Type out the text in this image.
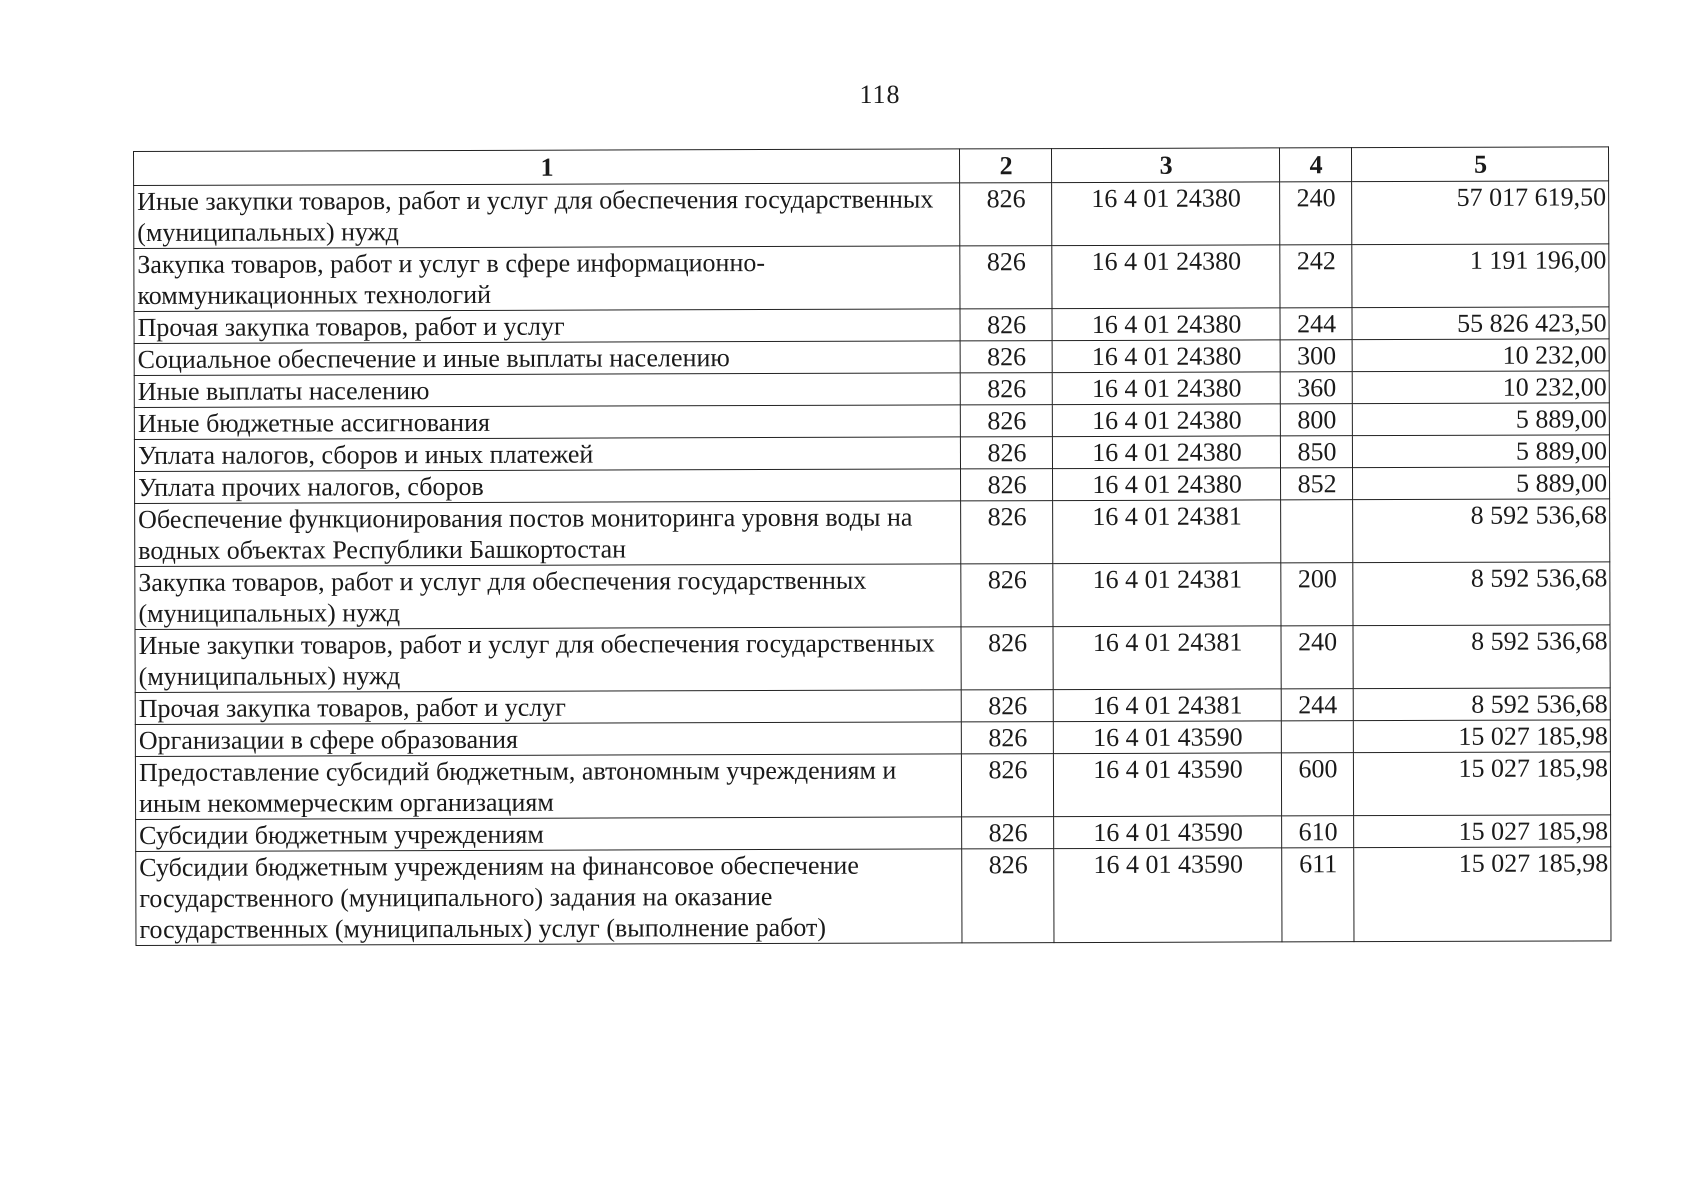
118
1	2	3	4	5
Иные закупки товаров, работ и услуг для обеспечения государственных (муниципальных) нужд	826	16 4 01 24380	240	57 017 619,50
Закупка товаров, работ и услуг в сфере информационно-коммуникационных технологий	826	16 4 01 24380	242	1 191 196,00
Прочая закупка товаров, работ и услуг	826	16 4 01 24380	244	55 826 423,50
Социальное обеспечение и иные выплаты населению	826	16 4 01 24380	300	10 232,00
Иные выплаты населению	826	16 4 01 24380	360	10 232,00
Иные бюджетные ассигнования	826	16 4 01 24380	800	5 889,00
Уплата налогов, сборов и иных платежей	826	16 4 01 24380	850	5 889,00
Уплата прочих налогов, сборов	826	16 4 01 24380	852	5 889,00
Обеспечение функционирования постов мониторинга уровня воды на водных объектах Республики Башкортостан	826	16 4 01 24381		8 592 536,68
Закупка товаров, работ и услуг для обеспечения государственных (муниципальных) нужд	826	16 4 01 24381	200	8 592 536,68
Иные закупки товаров, работ и услуг для обеспечения государственных (муниципальных) нужд	826	16 4 01 24381	240	8 592 536,68
Прочая закупка товаров, работ и услуг	826	16 4 01 24381	244	8 592 536,68
Организации в сфере образования	826	16 4 01 43590		15 027 185,98
Предоставление субсидий бюджетным, автономным учреждениям и иным некоммерческим организациям	826	16 4 01 43590	600	15 027 185,98
Субсидии бюджетным учреждениям	826	16 4 01 43590	610	15 027 185,98
Субсидии бюджетным учреждениям на финансовое обеспечение государственного (муниципального) задания на оказание государственных (муниципальных) услуг (выполнение работ)	826	16 4 01 43590	611	15 027 185,98
